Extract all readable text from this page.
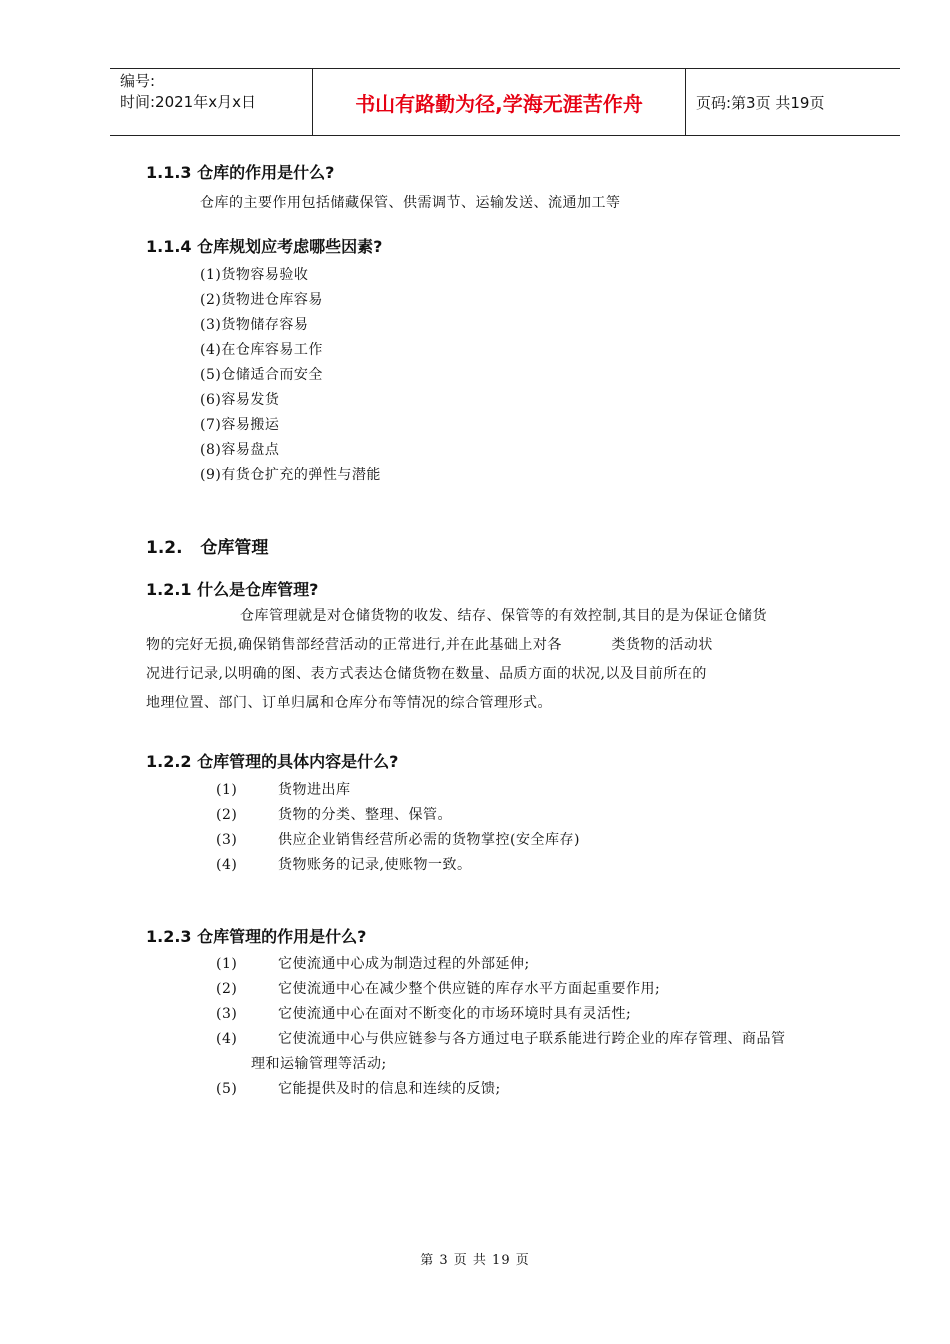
编号:
时间:2021年x月x日	书山有路勤为径,学海无涯苦作舟	页码:第3页 共19页
1.1.3 仓库的作用是什么?
仓库的主要作用包括储藏保管、供需调节、运输发送、流通加工等
1.1.4 仓库规划应考虑哪些因素?
(1)货物容易验收
(2)货物进仓库容易
(3)货物储存容易
(4)在仓库容易工作
(5)仓储适合而安全
(6)容易发货
(7)容易搬运
(8)容易盘点
(9)有货仓扩充的弹性与潜能
1.2.   仓库管理
1.2.1 什么是仓库管理?
仓库管理就是对仓储货物的收发、结存、保管等的有效控制,其目的是为保证仓储货
物的完好无损,确保销售部经营活动的正常进行,并在此基础上对各          类货物的活动状
况进行记录,以明确的图、表方式表达仓储货物在数量、品质方面的状况,以及目前所在的
地理位置、部门、订单归属和仓库分布等情况的综合管理形式。
1.2.2 仓库管理的具体内容是什么?
(1)	货物进出库
(2)	货物的分类、整理、保管。
(3)	供应企业销售经营所必需的货物掌控(安全库存)
(4)	货物账务的记录,使账物一致。
1.2.3 仓库管理的作用是什么?
(1)	它使流通中心成为制造过程的外部延伸;
(2)	它使流通中心在减少整个供应链的库存水平方面起重要作用;
(3)	它使流通中心在面对不断变化的市场环境时具有灵活性;
(4)	它使流通中心与供应链参与各方通过电子联系能进行跨企业的库存管理、商品管
理和运输管理等活动;
(5)	它能提供及时的信息和连续的反馈;
第 3 页 共 19 页
